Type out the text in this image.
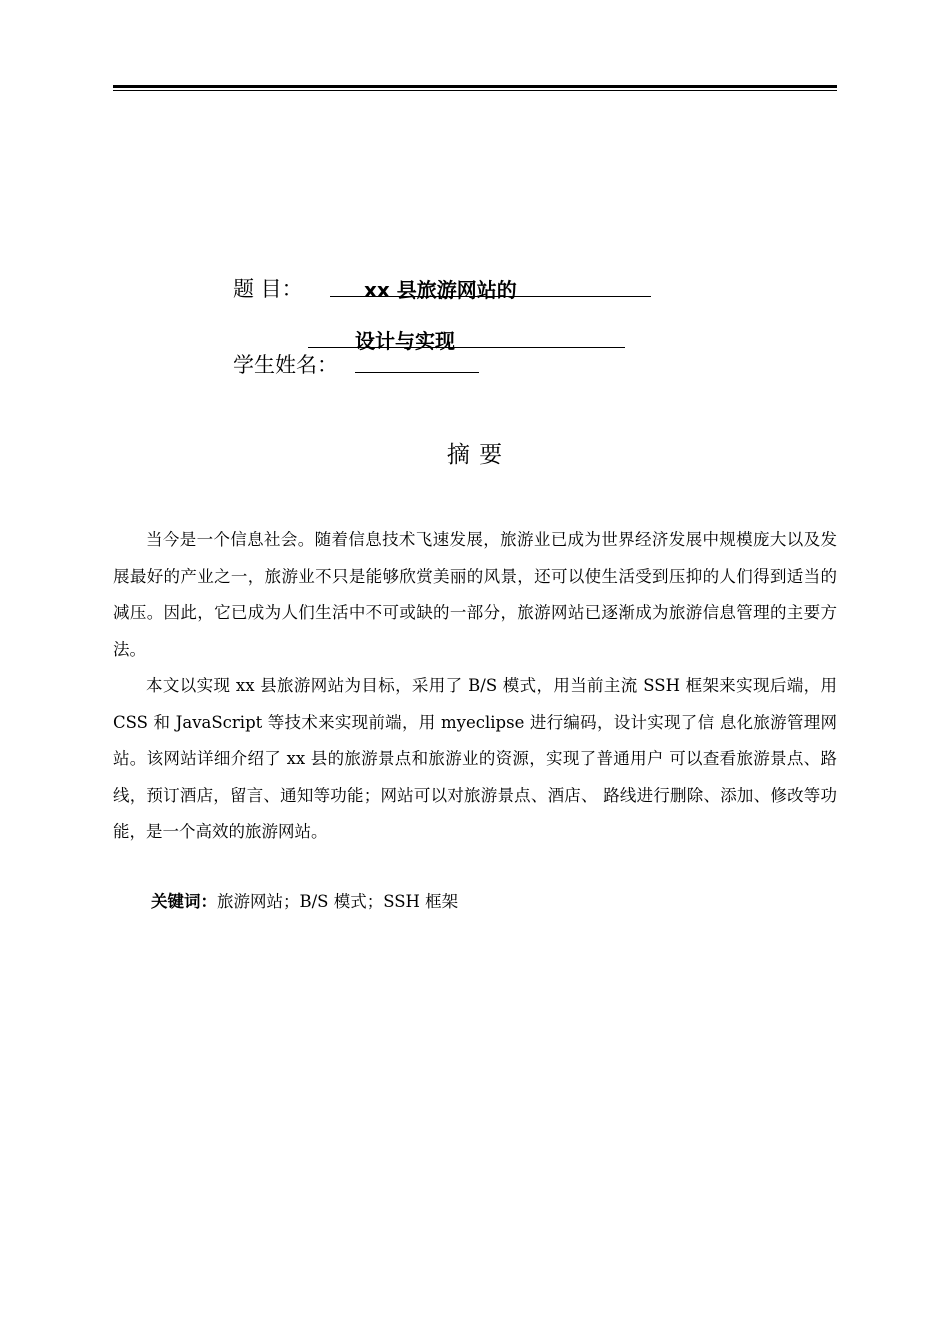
题 目：	xx 县旅游网站的
设计与实现
学生姓名：
摘 要

当今是一个信息社会。随着信息技术飞速发展，旅游业已成为世界经济发展中规模庞大以及发展最好的产业之一，旅游业不只是能够欣赏美丽的风景，还可以使生活受到压抑的人们得到适当的减压。因此，它已成为人们生活中不可或缺的一部分，旅游网站已逐渐成为旅游信息管理的主要方法。

本文以实现 xx 县旅游网站为目标，采用了 B/S 模式，用当前主流 SSH 框架来实现后端，用 CSS 和 JavaScript 等技术来实现前端，用 myeclipse 进行编码，设计实现了信 息化旅游管理网站。该网站详细介绍了 xx 县的旅游景点和旅游业的资源，实现了普通用户 可以查看旅游景点、路线，预订酒店，留言、通知等功能；网站可以对旅游景点、酒店、 路线进行删除、添加、修改等功能，是一个高效的旅游网站。

关键词：旅游网站；B/S 模式；SSH 框架
